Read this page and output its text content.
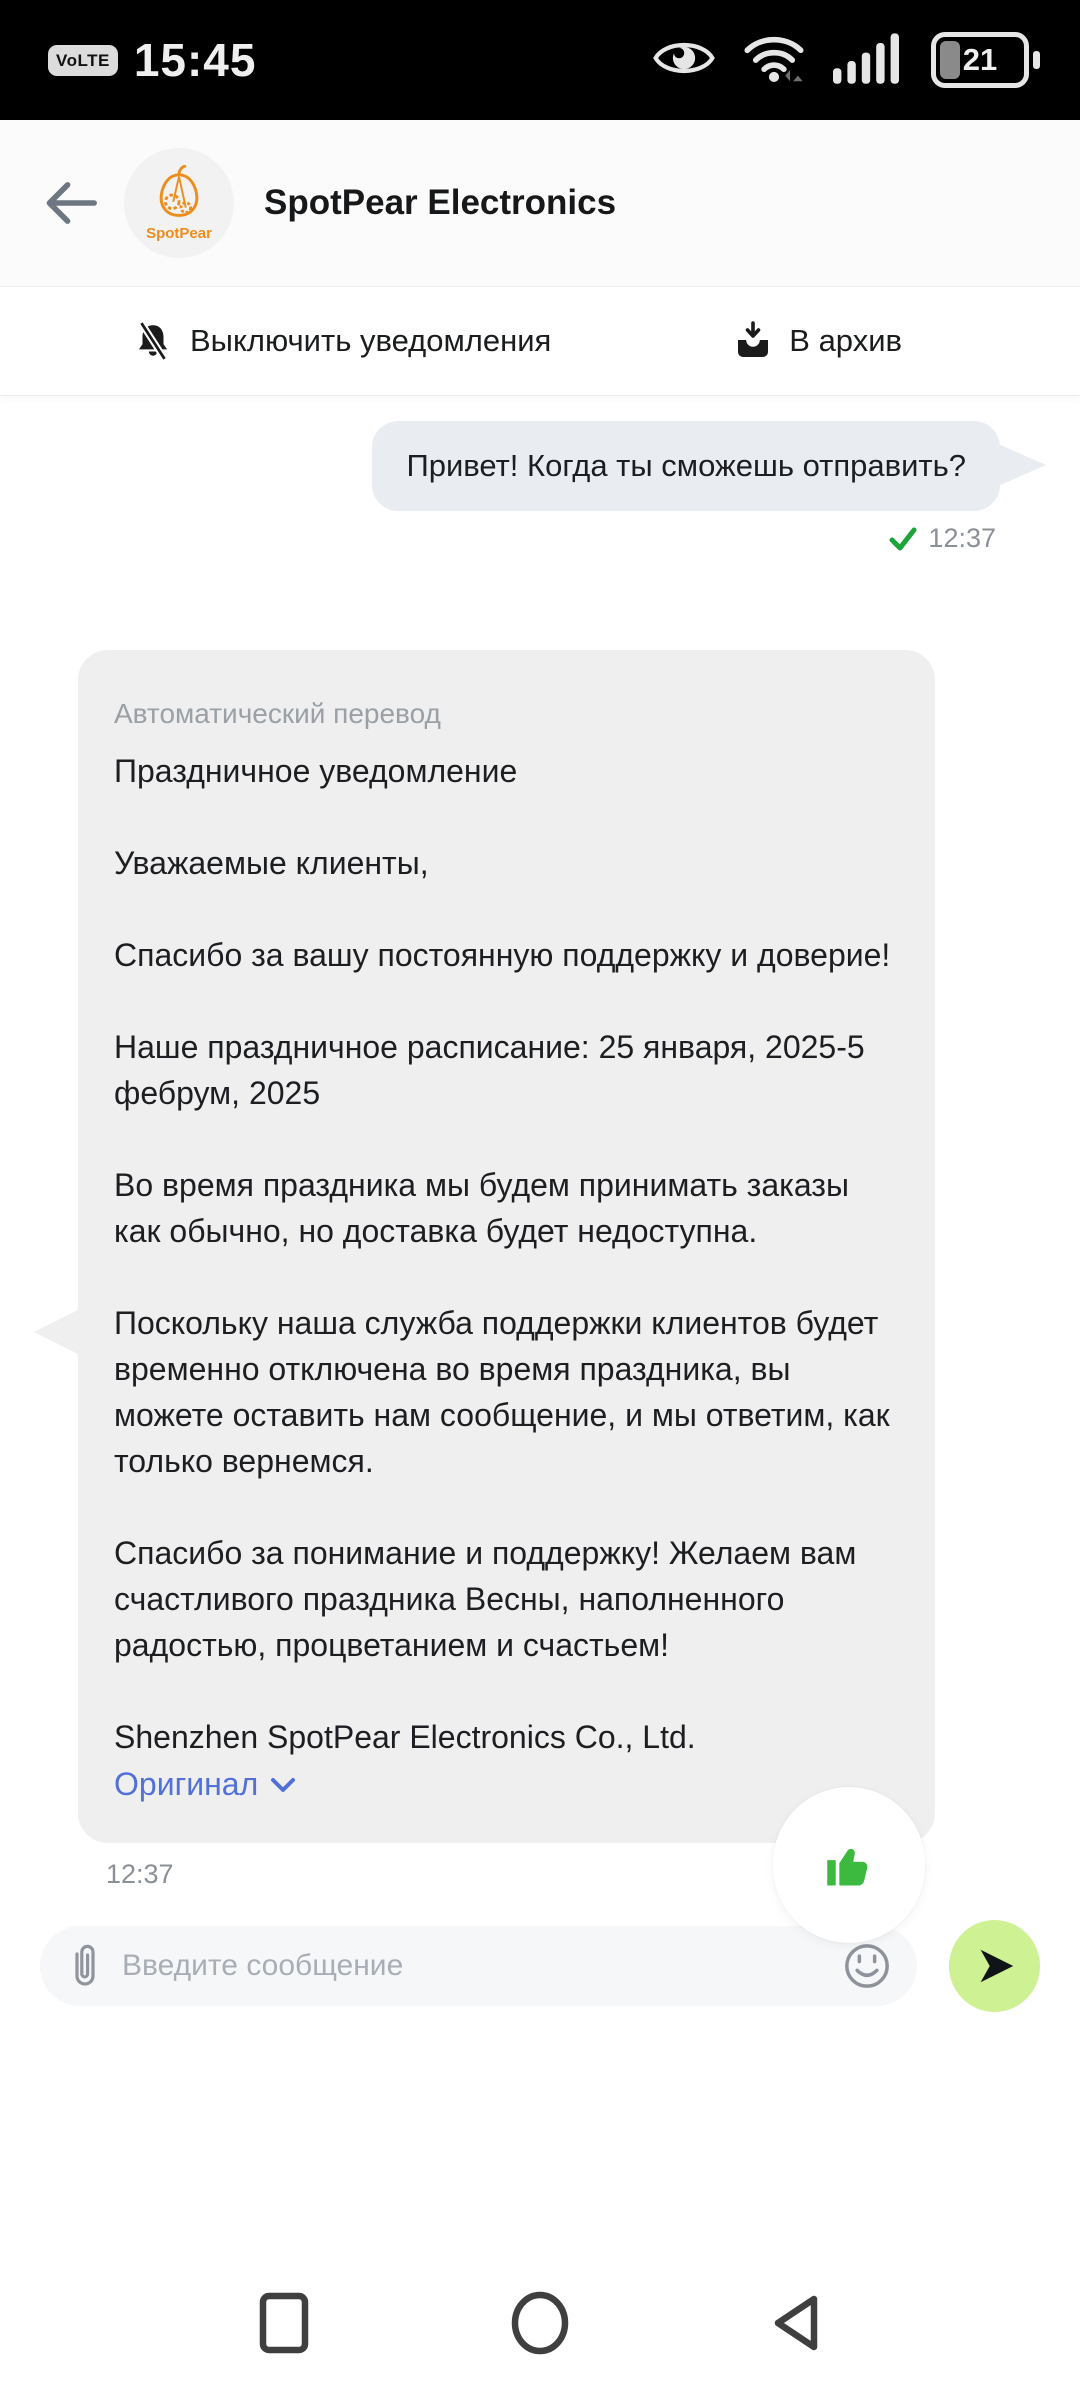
VoLTE 15:45	21
SpotPear
SpotPear Electronics
Выключить уведомления	В архив
Привет! Когда ты сможешь отправить?
12:37
Автоматический перевод

Праздничное уведомление

Уважаемые клиенты,

Спасибо за вашу постоянную поддержку и доверие!

Наше праздничное расписание: 25 января, 2025-5 фебрум, 2025

Во время праздника мы будем принимать заказы как обычно, но доставка будет недоступна.

Поскольку наша служба поддержки клиентов будет временно отключена во время праздника, вы можете оставить нам сообщение, и мы ответим, как только вернемся.

Спасибо за понимание и поддержку! Желаем вам счастливого праздника Весны, наполненного радостью, процветанием и счастьем!

Shenzhen SpotPear Electronics Co., Ltd.

Оригинал
12:37
Введите сообщение
